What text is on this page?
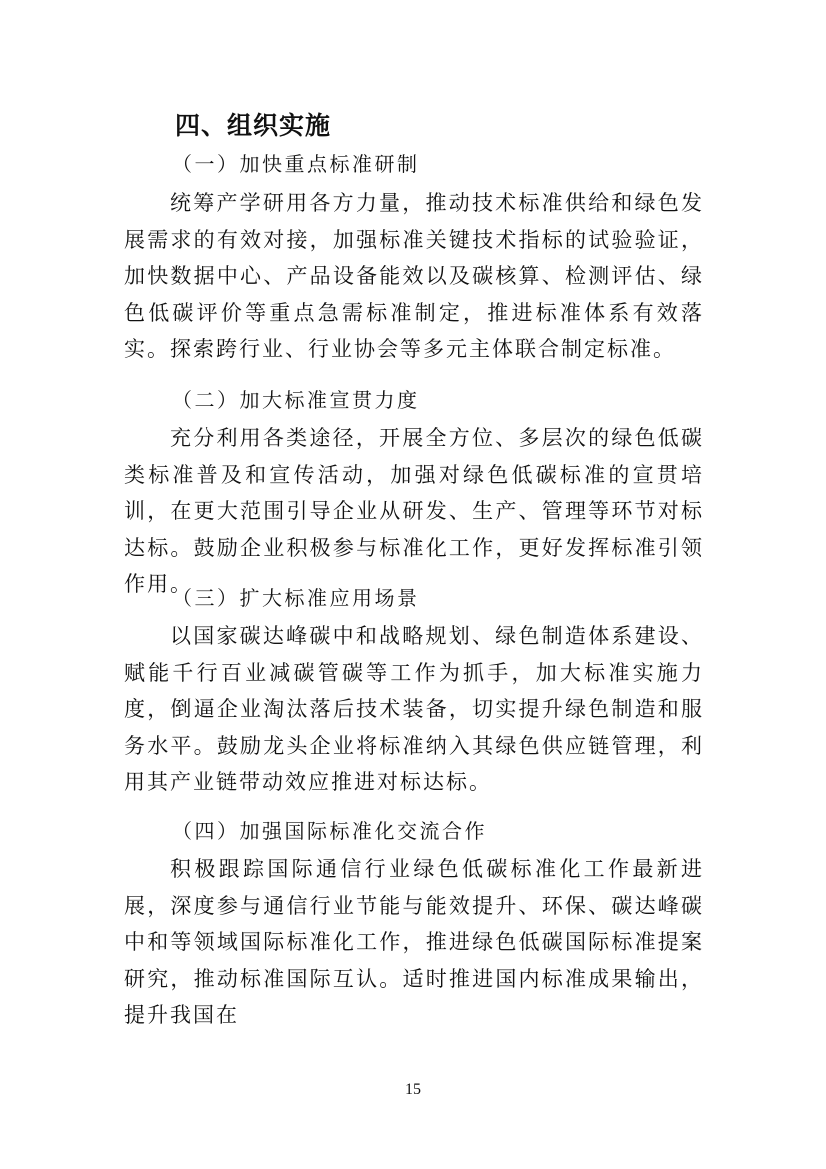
四、组织实施
（一）加快重点标准研制

统筹产学研用各方力量，推动技术标准供给和绿色发展需求的有效对接，加强标准关键技术指标的试验验证，加快数据中心、产品设备能效以及碳核算、检测评估、绿色低碳评价等重点急需标准制定，推进标准体系有效落实。探索跨行业、行业协会等多元主体联合制定标准。

（二）加大标准宣贯力度

充分利用各类途径，开展全方位、多层次的绿色低碳类标准普及和宣传活动，加强对绿色低碳标准的宣贯培训，在更大范围引导企业从研发、生产、管理等环节对标达标。鼓励企业积极参与标准化工作，更好发挥标准引领作用。

（三）扩大标准应用场景

以国家碳达峰碳中和战略规划、绿色制造体系建设、赋能千行百业减碳管碳等工作为抓手，加大标准实施力度，倒逼企业淘汰落后技术装备，切实提升绿色制造和服务水平。鼓励龙头企业将标准纳入其绿色供应链管理，利用其产业链带动效应推进对标达标。

（四）加强国际标准化交流合作

积极跟踪国际通信行业绿色低碳标准化工作最新进展，深度参与通信行业节能与能效提升、环保、碳达峰碳中和等领域国际标准化工作，推进绿色低碳国际标准提案研究，推动标准国际互认。适时推进国内标准成果输出，提升我国在

15
